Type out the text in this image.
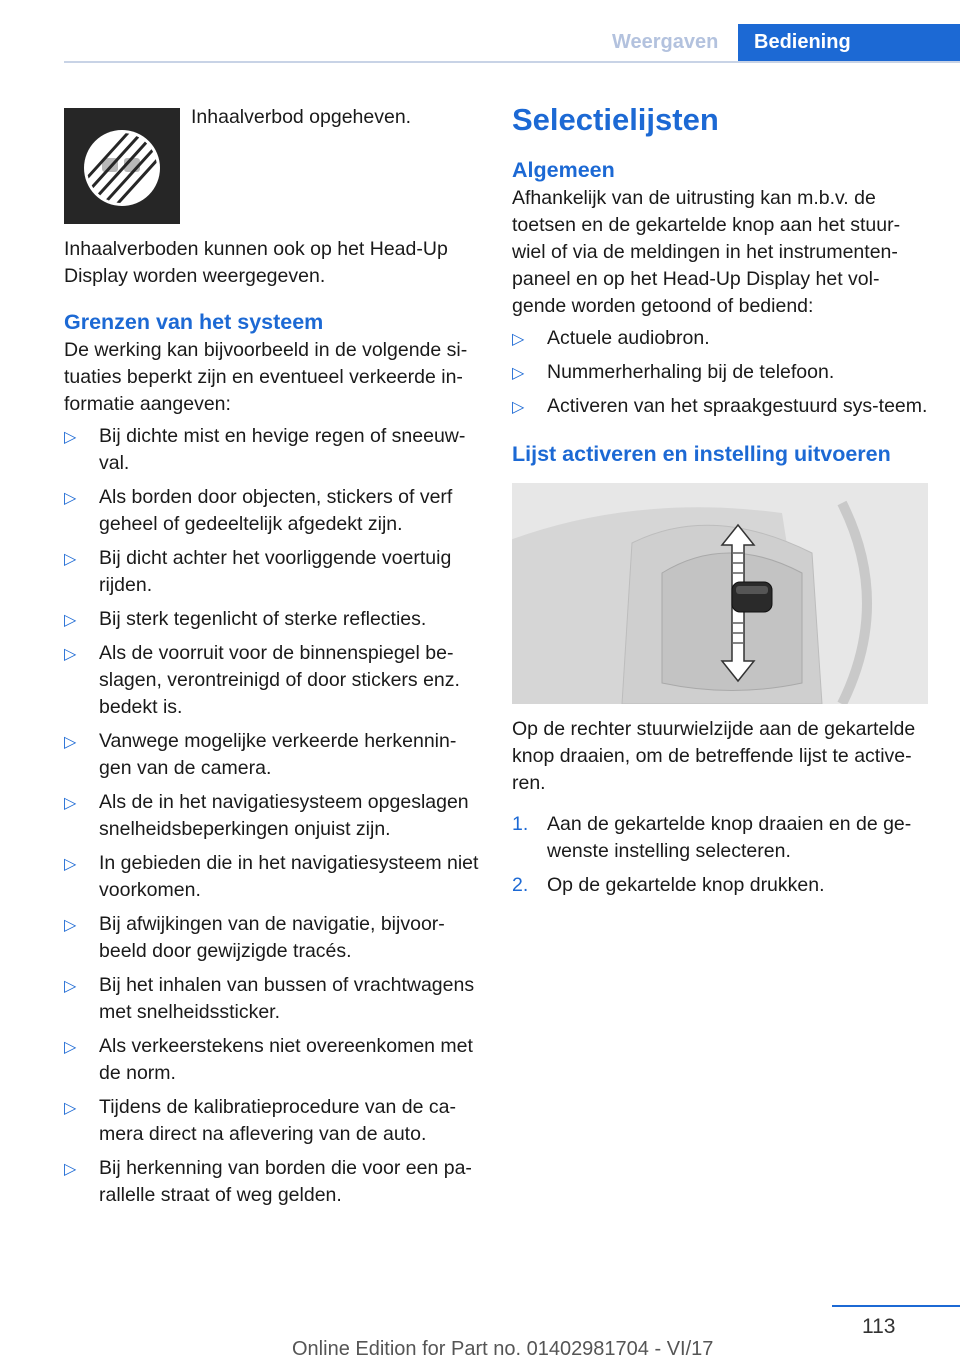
Weergaven	Bediening

Inhaalverbod opgeheven.

Inhaalverboden kunnen ook op het Head-Up Display worden weergegeven.

Grenzen van het systeem

De werking kan bijvoorbeeld in de volgende si-tuaties beperkt zijn en eventueel verkeerde in-formatie aangeven:

▷ Bij dichte mist en hevige regen of sneeuw-val.
▷ Als borden door objecten, stickers of verf geheel of gedeeltelijk afgedekt zijn.
▷ Bij dicht achter het voorliggende voertuig rijden.
▷ Bij sterk tegenlicht of sterke reflecties.
▷ Als de voorruit voor de binnenspiegel be-slagen, verontreinigd of door stickers enz. bedekt is.
▷ Vanwege mogelijke verkeerde herkennin-gen van de camera.
▷ Als de in het navigatiesysteem opgeslagen snelheidsbeperkingen onjuist zijn.
▷ In gebieden die in het navigatiesysteem niet voorkomen.
▷ Bij afwijkingen van de navigatie, bijvoor-beeld door gewijzigde tracés.
▷ Bij het inhalen van bussen of vrachtwagens met snelheidssticker.
▷ Als verkeerstekens niet overeenkomen met de norm.
▷ Tijdens de kalibratieprocedure van de ca-mera direct na aflevering van de auto.
▷ Bij herkenning van borden die voor een pa-rallelle straat of weg gelden.
Selectielijsten
Algemeen

Afhankelijk van de uitrusting kan m.b.v. de toetsen en de gekartelde knop aan het stuur-wiel of via de meldingen in het instrumenten-paneel en op het Head-Up Display het vol-gende worden getoond of bediend:

▷ Actuele audiobron.
▷ Nummerherhaling bij de telefoon.
▷ Activeren van het spraakgestuurd sys-teem.
Lijst activeren en instelling uitvoeren

Op de rechter stuurwielzijde aan de gekartelde knop draaien, om de betreffende lijst te active-ren.

1. Aan de gekartelde knop draaien en de ge-wenste instelling selecteren.
2. Op de gekartelde knop drukken.
113
Online Edition for Part no. 01402981704 - VI/17
